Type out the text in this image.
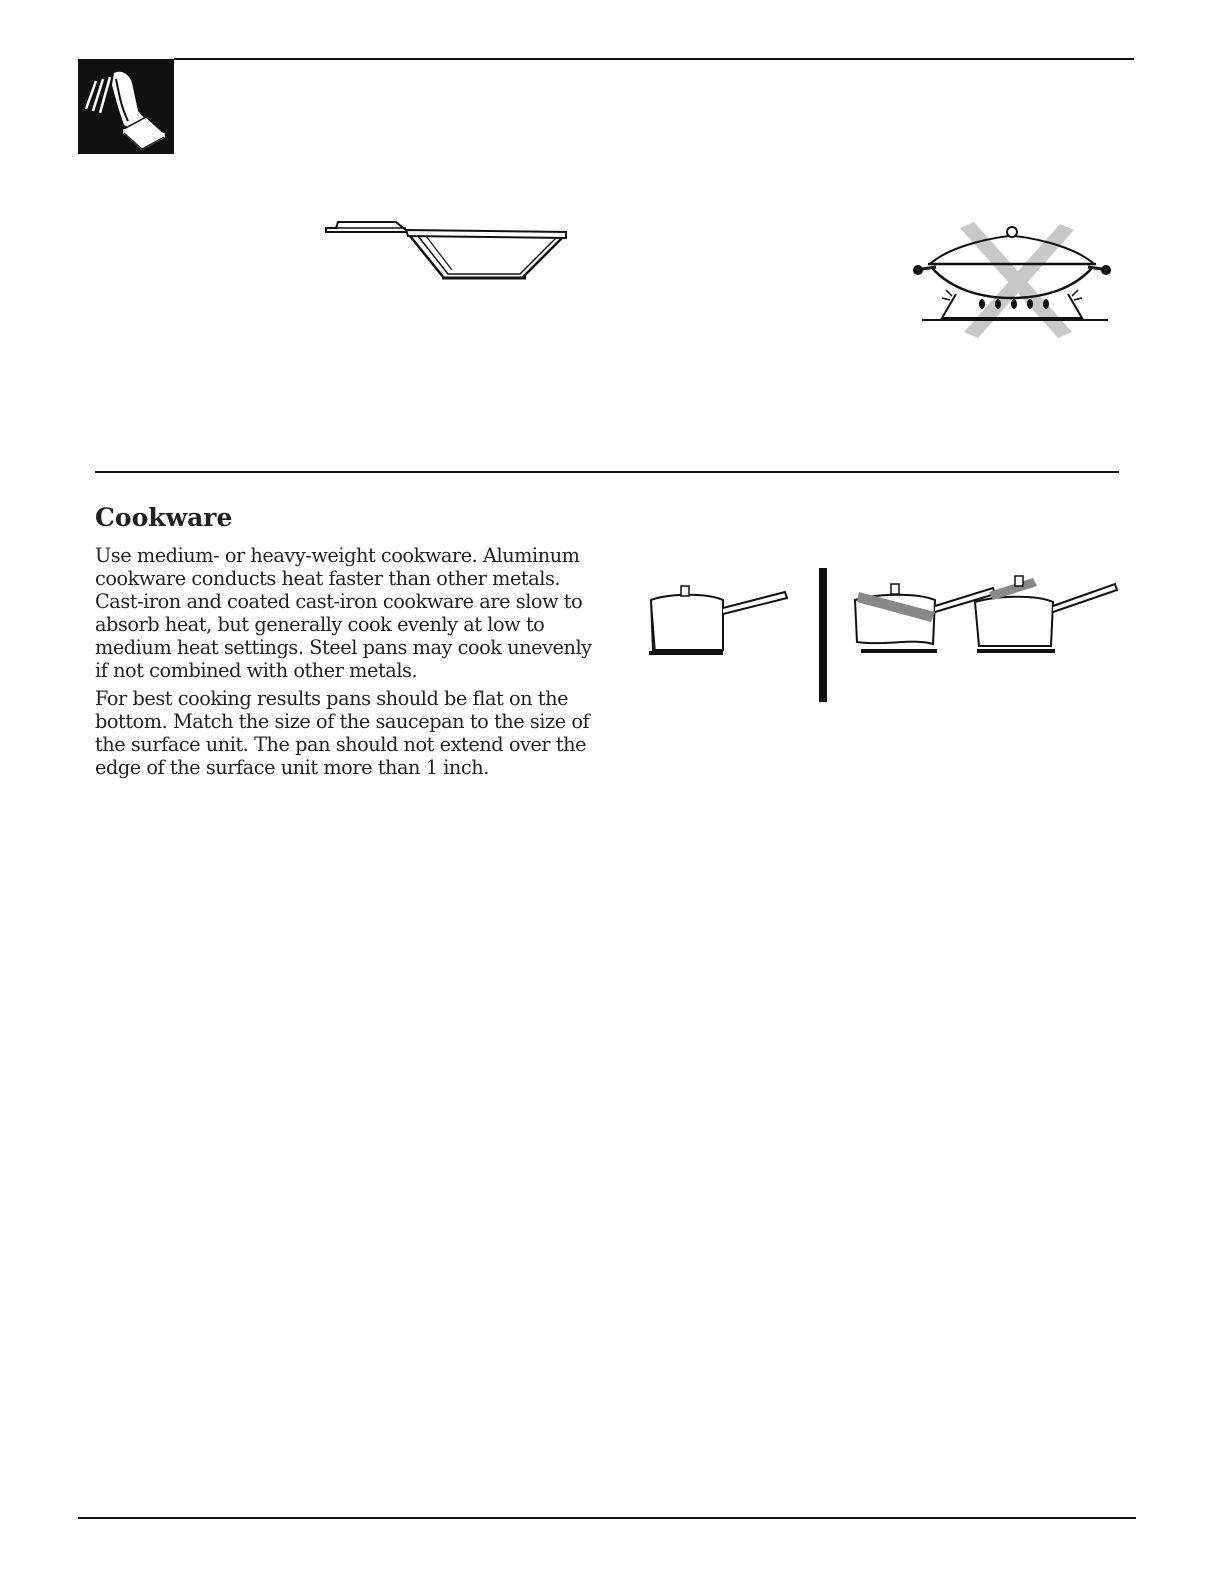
Cookware

Use medium- or heavy-weight cookware. Aluminum
cookware conducts heat faster than other metals.
Cast-iron and coated cast-iron cookware are slow to
absorb heat, but generally cook evenly at low to
medium heat settings. Steel pans may cook unevenly
if not combined with other metals.

For best cooking results pans should be flat on the
bottom. Match the size of the saucepan to the size of
the surface unit. The pan should not extend over the
edge of the surface unit more than 1 inch.
